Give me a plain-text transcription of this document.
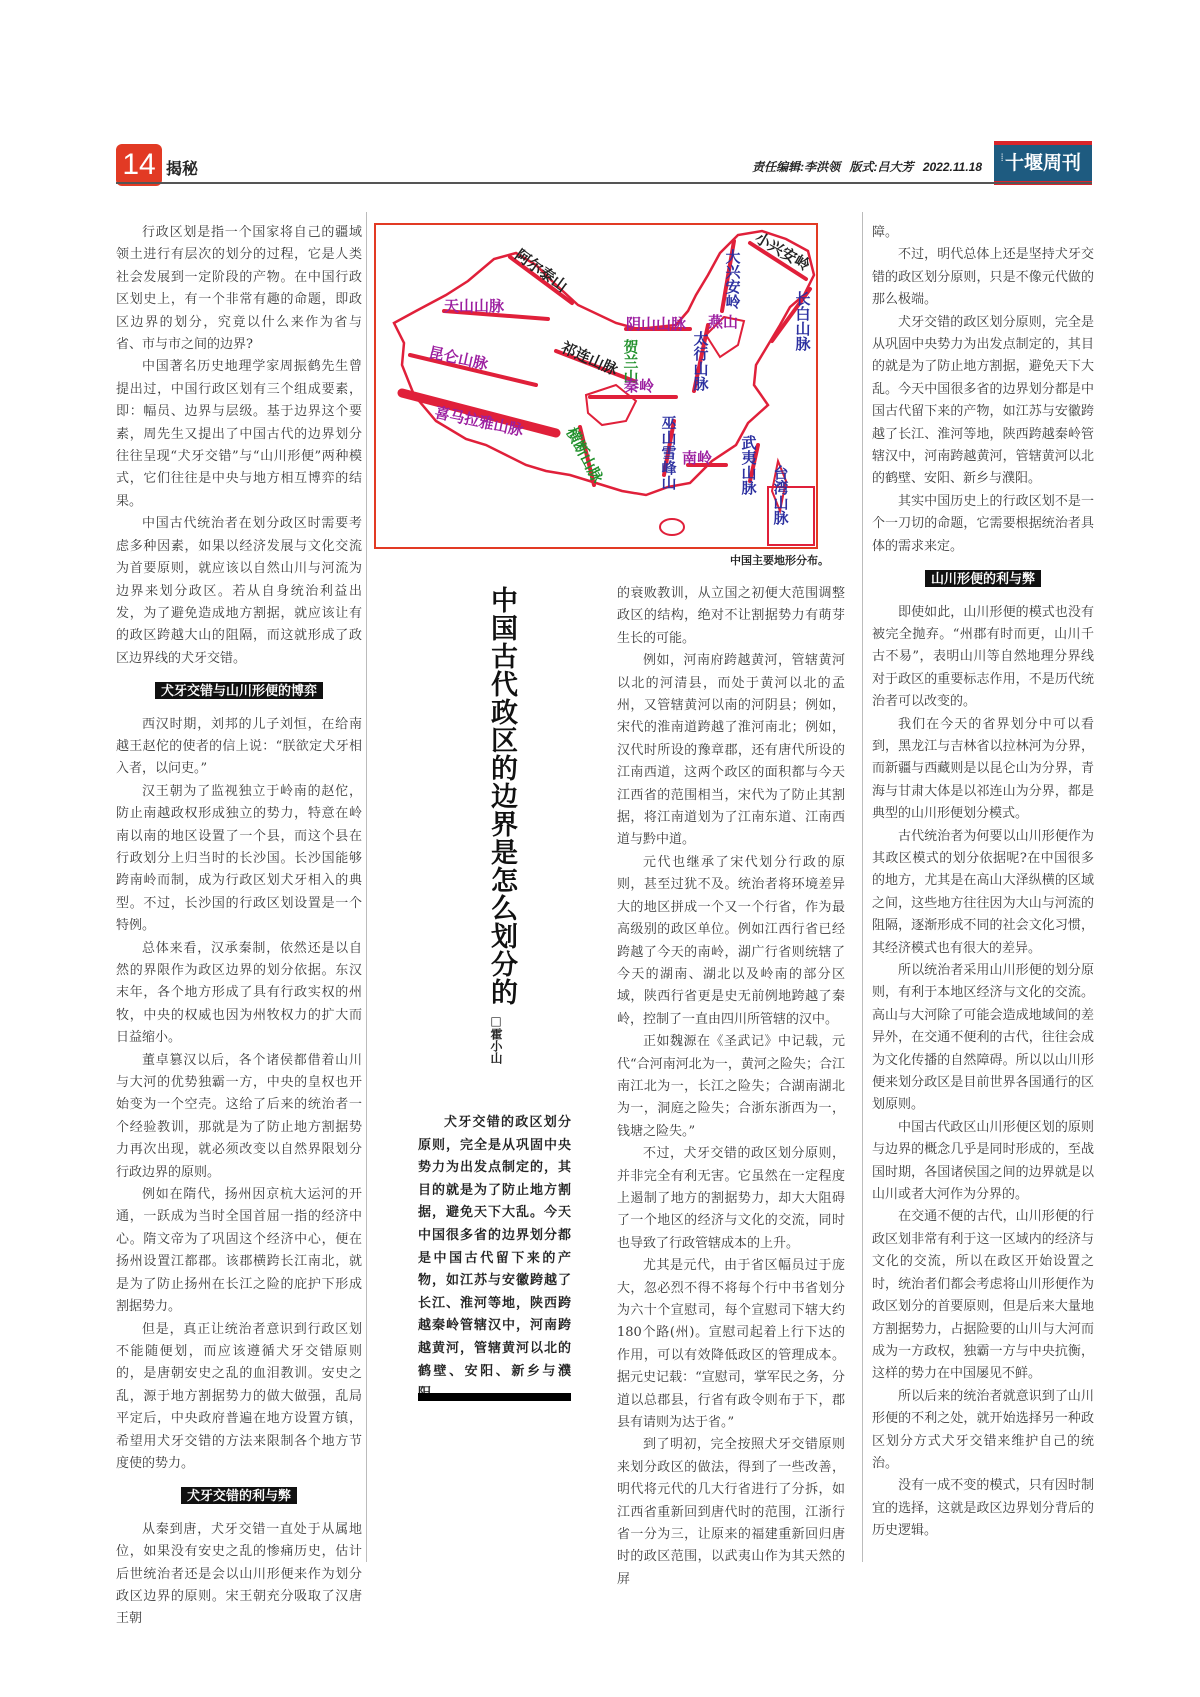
14 揭秘	责任编辑:李洪领 版式:吕大芳 2022.11.18
···· 十堰周刊

行政区划是指一个国家将自己的疆域领土进行有层次的划分的过程，它是人类社会发展到一定阶段的产物。在中国行政区划史上，有一个非常有趣的命题，即政区边界的划分，究竟以什么来作为省与省、市与市之间的边界?

中国著名历史地理学家周振鹤先生曾提出过，中国行政区划有三个组成要素，即：幅员、边界与层级。基于边界这个要素，周先生又提出了中国古代的边界划分往往呈现“犬牙交错”与“山川形便”两种模式，它们往往是中央与地方相互博弈的结果。

中国古代统治者在划分政区时需要考虑多种因素，如果以经济发展与文化交流为首要原则，就应该以自然山川与河流为边界来划分政区。若从自身统治利益出发，为了避免造成地方割据，就应该让有的政区跨越大山的阻隔，而这就形成了政区边界线的犬牙交错。

犬牙交错与山川形便的博弈

西汉时期，刘邦的儿子刘恒，在给南越王赵佗的使者的信上说：“朕欲定犬牙相入者，以问吏。”

汉王朝为了监视独立于岭南的赵佗，防止南越政权形成独立的势力，特意在岭南以南的地区设置了一个县，而这个县在行政划分上归当时的长沙国。长沙国能够跨南岭而制，成为行政区划犬牙相入的典型。不过，长沙国的行政区划设置是一个特例。

总体来看，汉承秦制，依然还是以自然的界限作为政区边界的划分依据。东汉末年，各个地方形成了具有行政实权的州牧，中央的权威也因为州牧权力的扩大而日益缩小。

董卓篡汉以后，各个诸侯都借着山川与大河的优势独霸一方，中央的皇权也开始变为一个空壳。这给了后来的统治者一个经验教训，那就是为了防止地方割据势力再次出现，就必须改变以自然界限划分行政边界的原则。

例如在隋代，扬州因京杭大运河的开通，一跃成为当时全国首屈一指的经济中心。隋文帝为了巩固这个经济中心，便在扬州设置江都郡。该郡横跨长江南北，就是为了防止扬州在长江之险的庇护下形成割据势力。

但是，真正让统治者意识到行政区划不能随便划，而应该遵循犬牙交错原则的，是唐朝安史之乱的血泪教训。安史之乱，源于地方割据势力的做大做强，乱局平定后，中央政府普遍在地方设置方镇，希望用犬牙交错的方法来限制各个地方节度使的势力。

犬牙交错的利与弊

从秦到唐，犬牙交错一直处于从属地位，如果没有安史之乱的惨痛历史，估计后世统治者还是会以山川形便来作为划分政区边界的原则。宋王朝充分吸取了汉唐王朝

阿尔泰山
天山山脉
昆仑山脉	祁连山脉
喜马拉雅山脉
横断山脉
阴山山脉
贺兰山
秦岭
燕山
太行山脉
大兴安岭 小兴安岭
长白山脉
巫山雪峰山 南岭 武夷山脉 台湾山脉
中国主要地形分布。
中国古代政区的边界是怎么划分的
□霍小山

犬牙交错的政区划分原则，完全是从巩固中央势力为出发点制定的，其目的就是为了防止地方割据，避免天下大乱。今天中国很多省的边界划分都是中国古代留下来的产物，如江苏与安徽跨越了长江、淮河等地，陕西跨越秦岭管辖汉中，河南跨越黄河，管辖黄河以北的鹤壁、安阳、新乡与濮

的衰败教训，从立国之初便大范围调整政区的结构，绝对不让割据势力有萌芽生长的可能。

例如，河南府跨越黄河，管辖黄河以北的河清县，而处于黄河以北的孟州，又管辖黄河以南的河阴县；例如，宋代的淮南道跨越了淮河南北；例如，汉代时所设的豫章郡，还有唐代所设的江南西道，这两个政区的面积都与今天江西省的范围相当，宋代为了防止其割据，将江南道划为了江南东道、江南西道与黔中道。

元代也继承了宋代划分行政的原则，甚至过犹不及。统治者将环境差异大的地区拼成一个又一个行省，作为最高级别的政区单位。例如江西行省已经跨越了今天的南岭，湖广行省则统辖了今天的湖南、湖北以及岭南的部分区域，陕西行省更是史无前例地跨越了秦岭，控制了一直由四川所管辖的汉中。

正如魏源在《圣武记》中记载，元代“合河南河北为一，黄河之险失；合江南江北为一，长江之险失；合湖南湖北为一，洞庭之险失；合浙东浙西为一，钱塘之险失。”

不过，犬牙交错的政区划分原则，并非完全有利无害。它虽然在一定程度上遏制了地方的割据势力，却大大阻碍了一个地区的经济与文化的交流，同时也导致了行政管辖成本的上升。

尤其是元代，由于省区幅员过于庞大，忽必烈不得不将每个行中书省划分为六十个宣慰司，每个宣慰司下辖大约180个路(州)。宣慰司起着上行下达的作用，可以有效降低政区的管理成本。据元史记载：“宣慰司，掌军民之务，分道以总郡县，行省有政令则布于下，郡县有请则为达于省。”

到了明初，完全按照犬牙交错原则来划分政区的做法，得到了一些改善，明代将元代的几大行省进行了分拆，如江西省重新回到唐代时的范围，江浙行省一分为三，让原来的福建重新回归唐时的政区范围，以武夷山作为其天然的屏

障。

不过，明代总体上还是坚持犬牙交错的政区划分原则，只是不像元代做的那么极端。

犬牙交错的政区划分原则，完全是从巩固中央势力为出发点制定的，其目的就是为了防止地方割据，避免天下大乱。今天中国很多省的边界划分都是中国古代留下来的产物，如江苏与安徽跨越了长江、淮河等地，陕西跨越秦岭管辖汉中，河南跨越黄河，管辖黄河以北的鹤壁、安阳、新乡与濮阳。

其实中国历史上的行政区划不是一个一刀切的命题，它需要根据统治者具体的需求来定。

山川形便的利与弊

即使如此，山川形便的模式也没有被完全抛弃。“州郡有时而更，山川千古不易”，表明山川等自然地理分界线对于政区的重要标志作用，不是历代统治者可以改变的。

我们在今天的省界划分中可以看到，黑龙江与吉林省以拉林河为分界，而新疆与西藏则是以昆仑山为分界，青海与甘肃大体是以祁连山为分界，都是典型的山川形便划分模式。

古代统治者为何要以山川形便作为其政区模式的划分依据呢?在中国很多的地方，尤其是在高山大泽纵横的区域之间，这些地方往往因为大山与河流的阻隔，逐渐形成不同的社会文化习惯，其经济模式也有很大的差异。

所以统治者采用山川形便的划分原则，有利于本地区经济与文化的交流。高山与大河除了可能会造成地域间的差异外，在交通不便利的古代，往往会成为文化传播的自然障碍。所以以山川形便来划分政区是目前世界各国通行的区划原则。

中国古代政区山川形便区划的原则与边界的概念几乎是同时形成的，至战国时期，各国诸侯国之间的边界就是以山川或者大河作为分界的。

在交通不便的古代，山川形便的行政区划非常有利于这一区域内的经济与文化的交流，所以在政区开始设置之时，统治者们都会考虑将山川形便作为政区划分的首要原则，但是后来大量地方割据势力，占据险要的山川与大河而成为一方政权，独霸一方与中央抗衡，这样的势力在中国屡见不鲜。

所以后来的统治者就意识到了山川形便的不利之处，就开始选择另一种政区划分方式犬牙交错来维护自己的统治。

没有一成不变的模式，只有因时制宜的选择，这就是政区边界划分背后的历史逻辑。
